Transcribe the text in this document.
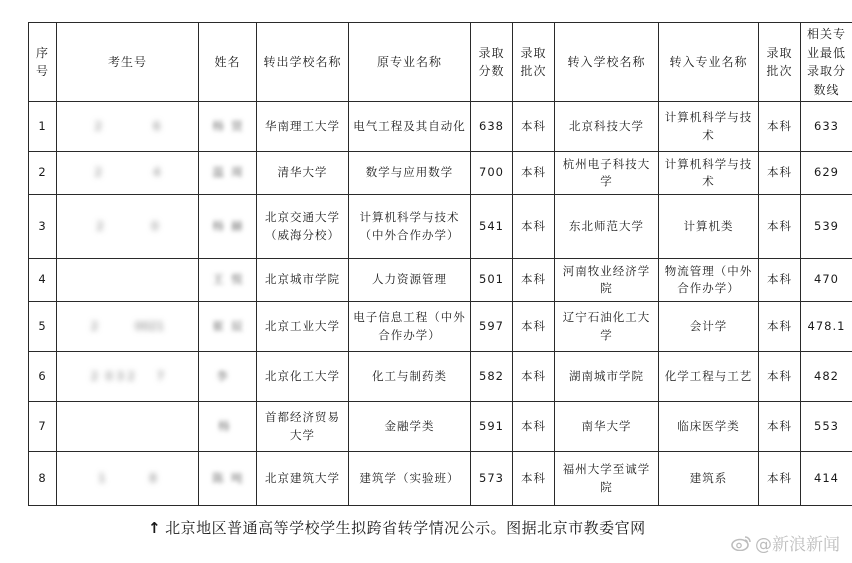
序号	考生号	姓名	转出学校名称	原专业名称	录取分数	录取批次	转入学校名称	转入专业名称	录取批次	相关专业最低录取分数线
1	2              6	杨  贤	华南理工大学	电气工程及其自动化	638	本科	北京科技大学	计算机科学与技术	本科	633
2	2              4	温  周	清华大学	数学与应用数学	700	本科	杭州电子科技大学	计算机科学与技术	本科	629
3	2             0	杨  赫	北京交通大学（威海分校）	计算机科学与技术（中外合作办学）	541	本科	东北师范大学	计算机类	本科	539
4		王  悦	北京城市学院	人力资源管理	501	本科	河南牧业经济学院	物流管理（中外合作办学）	本科	470
5	2          0021	崔  辰	北京工业大学	电子信息工程（中外合作办学）	597	本科	辽宁石油化工大学	会计学	本科	478.1
6	2  0 3 2      7	李	北京化工大学	化工与制药类	582	本科	湖南城市学院	化学工程与工艺	本科	482
7		杨	首都经济贸易大学	金融学类	591	本科	南华大学	临床医学类	本科	553
8	1            8	陈  吨	北京建筑大学	建筑学（实验班）	573	本科	福州大学至诚学院	建筑系	本科	414
↑ 北京地区普通高等学校学生拟跨省转学情况公示。图据北京市教委官网
@新浪新闻
